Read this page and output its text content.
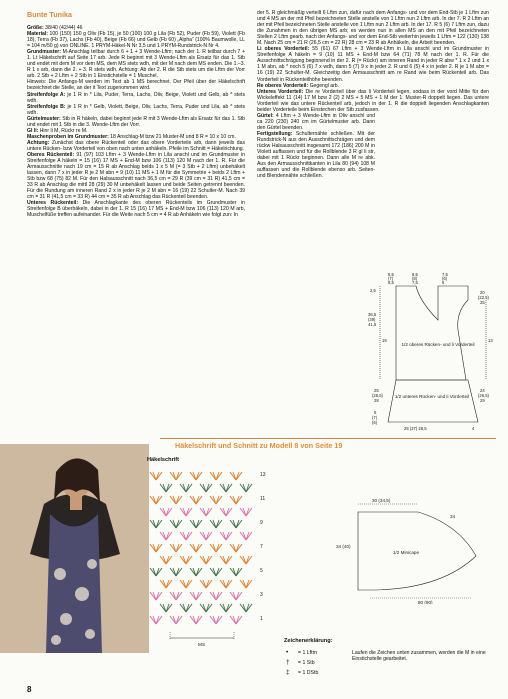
Bunte Tunika

Größe: 38/40 (42/44) 46

Material: 100 (150) 150 g Oliv (Fb 15), je 50 (100) 100 g Lila (Fb 52), Puder (Fb 59), Violett (Fb 18), Terra (Fb 37), Lachs (Fb 40), Beige (Fb 66) und Gelb (Fb 60) „Alpha“ (100% Baumwolle, LL = 104 m/50 g) von ONLINE. 1 PRYM-Häkel-N Nr 3,5 und 1 PRYM-Rundstrick-N Nr 4.

Grundmuster: M-Anschlag teilbar durch 6 + 1 + 3 Wende-Lftm; nach der 1. R teilbar durch 7 + 1. Lt Häkelschrift auf Seite 17 arb. Jede R beginnt mit 3 Wende-Lftm als Ersatz für das 1. Stb und endet mit dem M vor dem MS, dem MS stets wdh, mit der M nach dem MS enden. Die 1.–3. R 1 x arb, dann die 2. + 3. R stets wdh. Achtung: Ab der 2. R die Stb stets um die Lftm der Vorr arb. 2 Stb + 2 Lftm + 2 Stb in 1 Einstichstelle = 1 Muschel.

Hinweis: Die Anfangs-M werden im Text ab 1 MS berechnet. Der Pfeil über der Häkelschrift bezeichnet die Stelle, an der it Text zugenommen wird.

Streifenfolge A: je 1 R in * Lila, Puder, Terra, Lachs, Oliv, Beige, Violett und Gelb, ab * stets wdh.

Streifenfolge B: je 1 R in * Gelb, Violett, Beige, Oliv, Lachs, Terra, Puder und Lila, ab * stets wdh.

Gürtelmuster: Stb in R häkeln, dabei beginnt jede R mit 3 Wende-Lftm als Ersatz für das 1. Stb und endet mit 1 Stb in die 3. Wende-Lftm der Vorr.

Gl li: Hinr li M, Rückr re M.

Maschenproben im Grundmuster: 18 Anschlag-M bzw 21 Muster-M und 8 R = 10 x 10 cm.

Achtung: Zunächst das obere Rückenteil oder das obere Vorderteile arb, dann jeweils das untere Rücken- bzw Vorderteil von oben nach unten anhäkeln. Pfeile im Schnitt = Häkelrichtung.

Oberes Rückenteil: 91 (97) 103 Lftm + 3 Wende-Lftm in Lila anschl und im Grundmuster in Streifenfolge A häkeln = 15 (16) 17 MS + End-M bzw 106 (113) 120 M nach der 1. R. Für die Armausschnitte nach 19 cm = 15 R ab Anschlag beids 1 x 5 M (= 3 Stb + 2 Lftm) unbehäkelt lassen, dann 7 x in jeder R je 2 M abn = 9 (10) 11 MS + 1 M für die Symmetrie + beids 2 Lftm + Stb bzw 68 (75) 82 M. Für den Halsausschnitt nach 36,5 cm = 29 R (39 cm = 31 R) 41,5 cm = 33 R ab Anschlag die mittl 28 (29) 30 M unbehäkelt lassen und beide Seiten getrennt beenden. Für die Rundung am inneren Rand 2 x in jeder R je 2 M abn = 16 (19) 22 Schulter-M. Nach 39 cm = 31 R (41,5 cm = 33 R) 44 cm = 35 R ab Anschlag das Rückenteil beenden.

Unteres Rückenteil: Die Anschlagkante des oberen Rückenteils im Grundmuster in Streifenfolge B überhäkeln, dabei in der 1. R 15 (16) 17 MS + End-M bzw 106 (113) 120 M arb, Muschelfüße treffen aufeinander. Für die Weite nach 5 cm = 4 R ab Anhäkeln wie folgt zun: In

der 5. R gleichmäßig verteilt 6 Lftm zun, dafür nach dem Anfangs- und vor dem End-Stb je 1 Lftm zun und 4 MS an der mit Pfeil bezeichneten Stelle anstelle von 1 Lftm nun 2 Lftm arb. In der 7. R 2 Lftm an der mit Pfeil bezeichneten Stelle anstelle von 1 Lftm nun 2 Lftm arb. In der 17. R 5 (6) 7 Lftm zun, dazu die Zunahmen in den übrigen MS arb; es werden nun in allen MS an den mit Pfeil bezeichneten Stellen 2 Lftm gearb. nach der Anfangs- und vor dem End-Stb weiterhin jeweils 1 Lftm = 122 (130) 138 M. Nach 25 cm = 21 R (26,5 cm = 22 R) 28 cm = 23 R ab Anhäkeln, die Arbeit beenden.

Li oberes Vorderteil: 55 (61) 67 Lftm + 3 Wende-Lftm in Lila anschl und im Grundmuster in Streifenfolge A häkeln = 9 (10) 11 MS + End-M bzw 64 (71) 78 M nach der 1. R. Für die Ausschnittschrägung beginnend in der 2. R (= Rückr) am inneren Rand in jeder R abw * 1 x 2 und 1 x 1 M abn, ab * noch 5 (6) 7 x wdh, dann 5 (7) 9 x in jeder 2. R und 6 (5) 4 x in jeder 2. R je 1 M abn = 16 (19) 22 Schulter-M. Gleichzeitig den Armausschnitt am re Rand wie beim Rückenteil arb. Das Vorderteil in Rückenteilhöhe beenden.

Re oberes Vorderteil: Gegengl arb.

Unteres Vorderteil: Die re Vorderteil über das li Vorderteil legen, sodass in der vord Mitte für den Wickeleffekt 11 (14) 17 M bzw 2 (2) 2 MS + 5 MS + 1 M der 1. Muster-R doppelt liegen. Das untere Vorderteil wie das untere Rückenteil arb, jedoch in der 1. R die doppelt liegenden Anschlagkanten beider Vorderteile beim Einstechen der Stb zusfassen.

Gürtel: 4 Lftm + 3 Wende-Lftm in Oliv anschl und ca 220 (230) 240 cm im Gürtelmuster arb. Dann den Gürtel beenden.

Fertigstellung: Schulternähte schließen. Mit der Rundstrick-N aus den Ausschnittschrägen und dem rückw Halsausschnitt insgesamt 172 (186) 200 M in Violett auffassen und für die Rollblende 3 R gl li str, dabei mit 1 Rückr beginnen. Dann alle M re abk. Aus den Armausschnittkanten in Lila 80 (94) 108 M auffassen und die Rollblende ebenso arb. Seiten- und Blendennähte schließen.

5,5
(7)
8,5
8,5
(8)
7,5
7,5
(6)
6
2,5
36,5
(39)
41,5
19
20
(22,5)
25
13
25
(26,5)
28
24
(26,5)
29
5
(7)
(6)
25 (27) 28,5	4
1/2 oberes Rücken- und li Vorderteil
1/2 unteres Rücken- und li Vorderteil
Häkelschrift und Schnitt zu Modell 8 von Seite 19
Häkelschrift
13
11
9
7
5
3
1
MS
30 (34,5)
34
34 (40)
1/2 Minicape
80 (90)
Zeichenerklärung:
• = 1 Lftm
† = 1 Stb
‡ = 1 DStb
Laufen die Zeichen unten zusammen, werden die M in eine Einstichstelle gearbeitet.
8
